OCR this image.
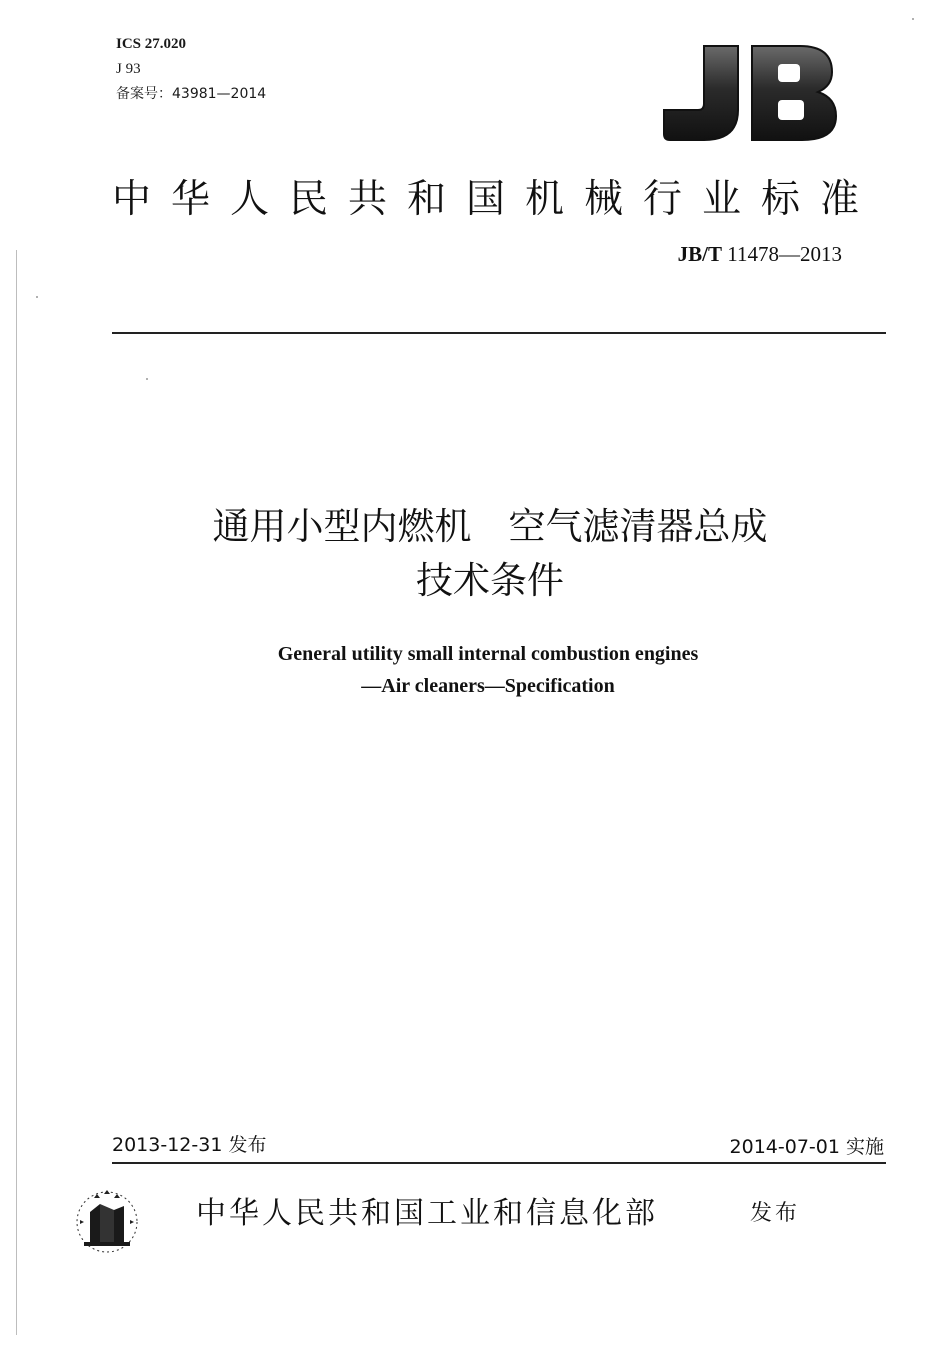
ICS 27.020
J 93
备案号：43981—2014
中华人民共和国机械行业标准
JB/T 11478—2013
通用小型内燃机　空气滤清器总成
技术条件
General utility small internal combustion engines
—Air cleaners—Specification
2013-12-31 发布	2014-07-01 实施
中华人民共和国工业和信息化部	发布
